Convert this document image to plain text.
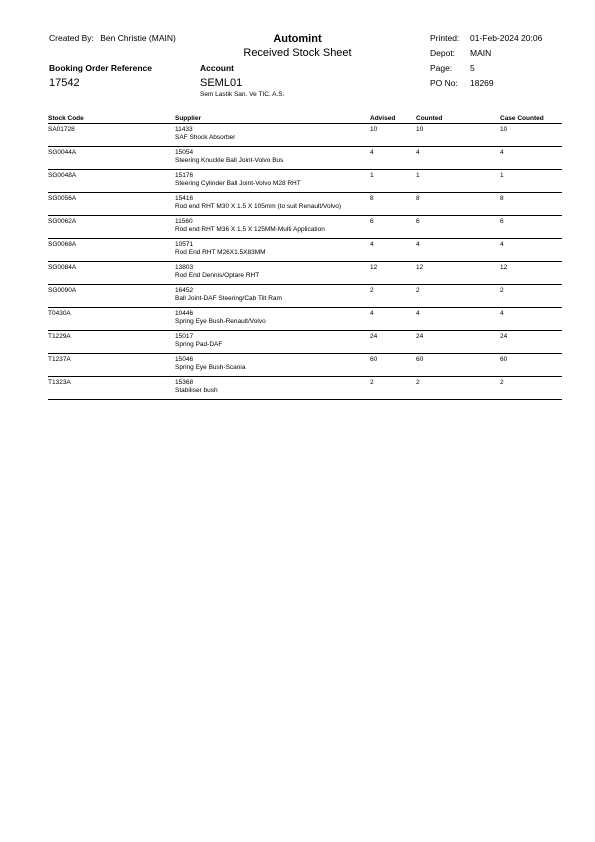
Created By: Ben Christie (MAIN)	Automint
Received Stock Sheet
Printed: 01-Feb-2024 20:06
Depot: MAIN
Booking Order Reference	Account	Page: 5
17542	SEML01	PO No: 18269
Sem Lastik San. Ve TIC. A.S.
Stock Code	Supplier	Advised	Counted	Case Counted
SA01728	11433
SAF Shock Absorber	10	10	10
SG0044A	15054
Steering Knuckle Ball Joint-Volvo Bus	4	4	4
SG0048A	15176
Steering Cylinder Ball Joint-Volvo M28 RHT	1	1	1
SG0056A	15416
Rod end RHT M30 X 1.5 X 105mm (to suit Renault/Volvo)	8	8	8
SG0062A	11560
Rod end RHT M36 X 1.5 X 125MM-Multi Application	6	6	6
SG0068A	10571
Rod End RHT M26X1.5X83MM	4	4	4
SG0084A	13803
Rod End Dennis/Optare RHT	12	12	12
SG0090A	16452
Ball Joint-DAF Steering/Cab Tilt Ram	2	2	2
T0430A	10446
Spring Eye Bush-Renault/Volvo	4	4	4
T1229A	15017
Spring Pad-DAF	24	24	24
T1237A	15046
Spring Eye Bush-Scania	60	60	60
T1323A	15368
Stabiliser bush	2	2	2
